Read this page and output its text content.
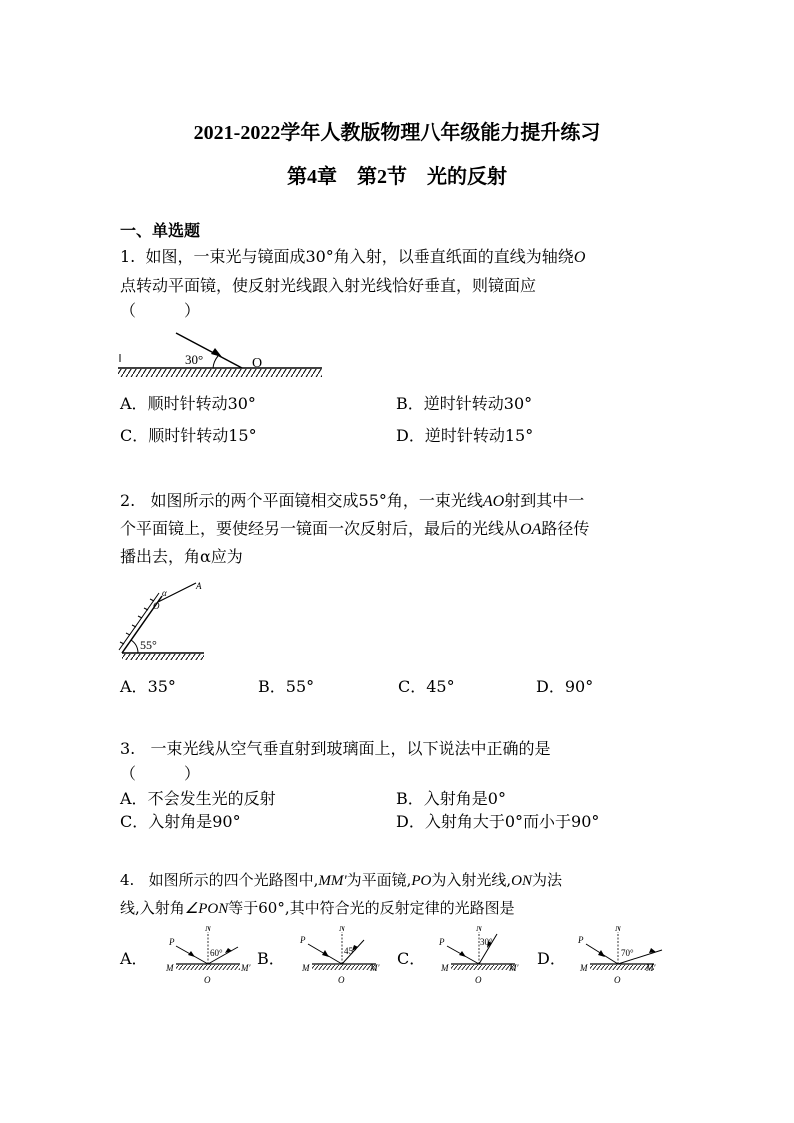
2021-2022学年人教版物理八年级能力提升练习
第4章　第2节　光的反射
一、单选题
1. 如图，一束光与镜面成30°角入射，以垂直纸面的直线为轴绕O
点转动平面镜，使反射光线跟入射光线恰好垂直，则镜面应
（　　　）
30°	O
A．顺时针转动30°	B．逆时针转动30°
C．顺时针转动15°	D．逆时针转动15°
2. 如图所示的两个平面镜相交成55°角，一束光线AO射到其中一
个平面镜上，要使经另一镜面一次反射后，最后的光线从OA路径传
播出去，角α应为
α
A
O
55°
A．35°	B．55°	C．45°	D．90°
3. 一束光线从空气垂直射到玻璃面上，以下说法中正确的是
（　　　）
A．不会发生光的反射	B．入射角是0°
C．入射角是90°	D．入射角大于0°而小于90°
4. 如图所示的四个光路图中,MM'为平面镜,PO为入射光线,ON为法
线,入射角∠PON等于60°,其中符合光的反射定律的光路图是
A．	B．	C．	D．
P
N
60°
M	M′
O
P
N
45°
M	M′
O
P
N
30°
M	M′
O
P
N
70°
M	M′
O
